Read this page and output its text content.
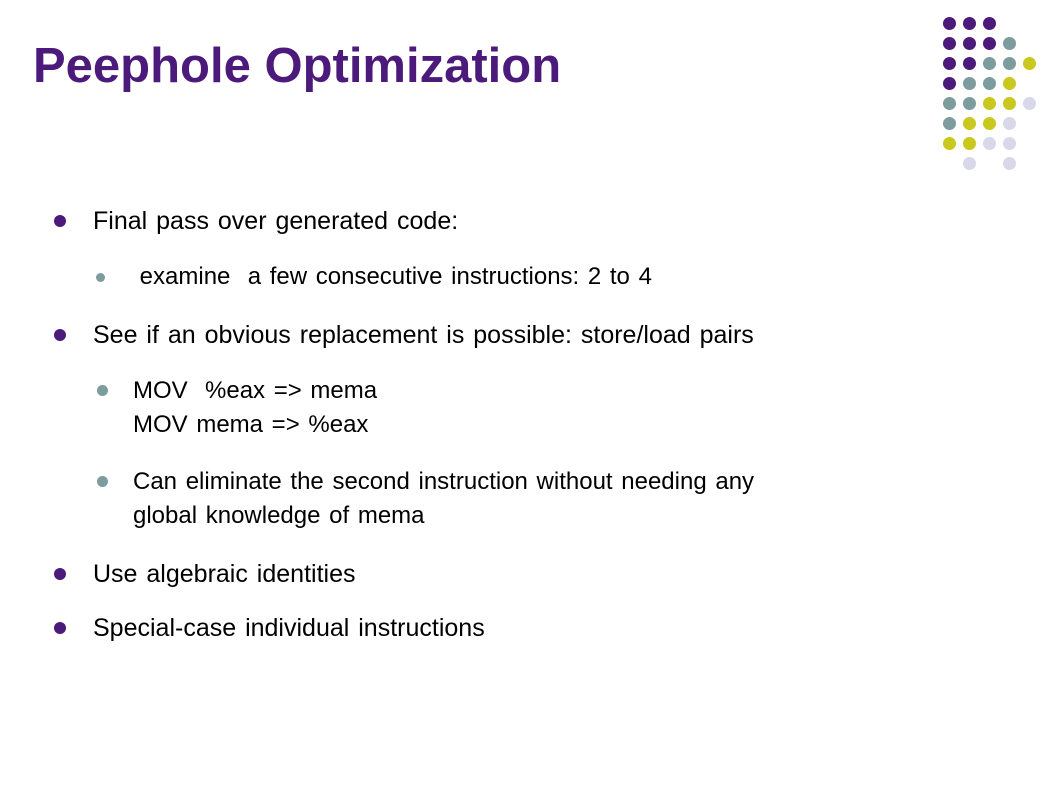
Peephole Optimization

Final pass over generated code:

examine  a few consecutive instructions: 2 to 4

See if an obvious replacement is possible: store/load pairs

MOV  %eax => mema
MOV mema => %eax

Can eliminate the second instruction without needing any
global knowledge of mema

Use algebraic identities

Special-case individual instructions
